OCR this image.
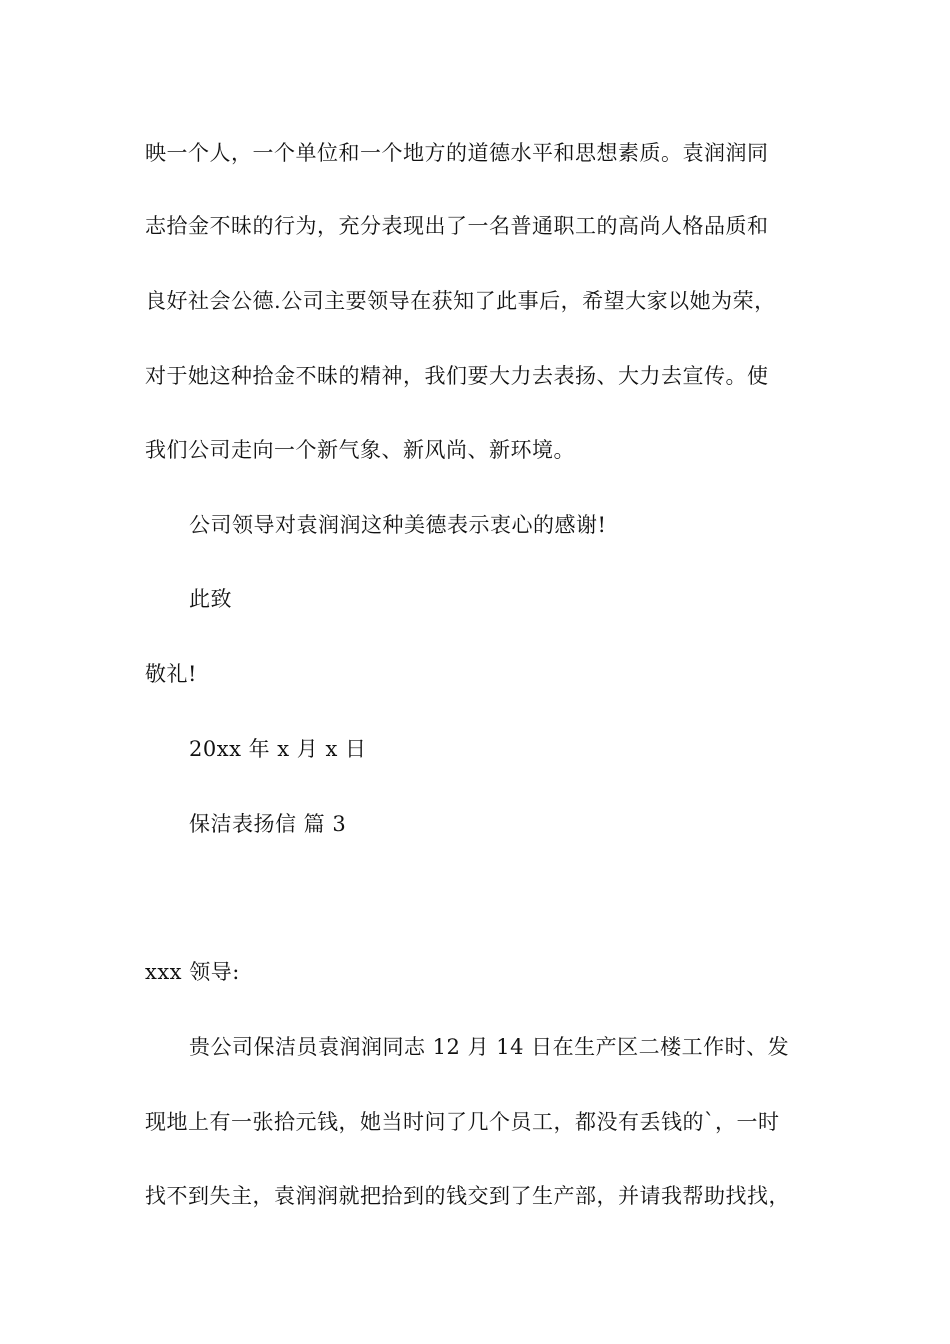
映一个人，一个单位和一个地方的道德水平和思想素质。袁润润同
志拾金不昧的行为，充分表现出了一名普通职工的高尚人格品质和
良好社会公德.公司主要领导在获知了此事后，希望大家以她为荣，
对于她这种拾金不昧的精神，我们要大力去表扬、大力去宣传。使
我们公司走向一个新气象、新风尚、新环境。
公司领导对袁润润这种美德表示衷心的感谢!
此致
敬礼!
20xx 年 x 月 x 日
保洁表扬信 篇 3
xxx 领导:
贵公司保洁员袁润润同志 12 月 14 日在生产区二楼工作时、发
现地上有一张拾元钱，她当时问了几个员工，都没有丢钱的`，一时
找不到失主，袁润润就把拾到的钱交到了生产部，并请我帮助找找，
